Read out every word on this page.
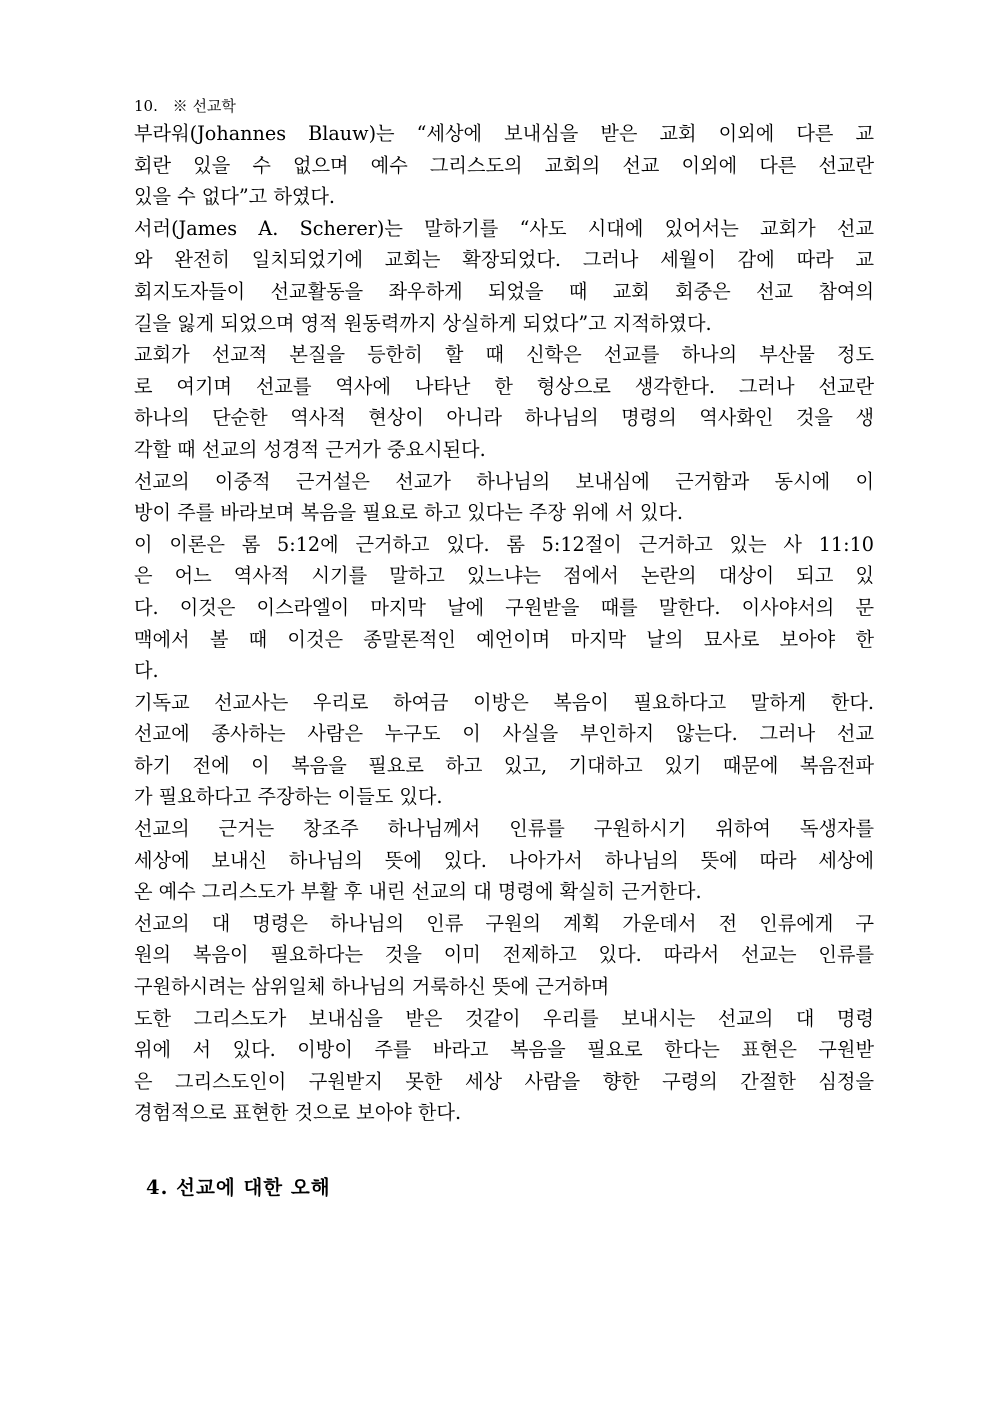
10. ※ 선교학
부라워(Johannes Blauw)는 “세상에 보내심을 받은 교회 이외에 다른 교
회란 있을 수 없으며 예수 그리스도의 교회의 선교 이외에 다른 선교란
있을 수 없다”고 하였다.
서러(James A. Scherer)는 말하기를 “사도 시대에 있어서는 교회가 선교
와 완전히 일치되었기에 교회는 확장되었다. 그러나 세월이 감에 따라 교
회지도자들이 선교활동을 좌우하게 되었을 때 교회 회중은 선교 참여의
길을 잃게 되었으며 영적 원동력까지 상실하게 되었다”고 지적하였다.
교회가 선교적 본질을 등한히 할 때 신학은 선교를 하나의 부산물 정도
로 여기며 선교를 역사에 나타난 한 형상으로 생각한다. 그러나 선교란
하나의 단순한 역사적 현상이 아니라 하나님의 명령의 역사화인 것을 생
각할 때 선교의 성경적 근거가 중요시된다.
선교의 이중적 근거설은 선교가 하나님의 보내심에 근거함과 동시에 이
방이 주를 바라보며 복음을 필요로 하고 있다는 주장 위에 서 있다.
이 이론은 롬 5:12에 근거하고 있다. 롬 5:12절이 근거하고 있는 사 11:10
은 어느 역사적 시기를 말하고 있느냐는 점에서 논란의 대상이 되고 있
다. 이것은 이스라엘이 마지막 날에 구원받을 때를 말한다. 이사야서의 문
맥에서 볼 때 이것은 종말론적인 예언이며 마지막 날의 묘사로 보아야 한
다.
기독교 선교사는 우리로 하여금 이방은 복음이 필요하다고 말하게 한다.
선교에 종사하는 사람은 누구도 이 사실을 부인하지 않는다. 그러나 선교
하기 전에 이 복음을 필요로 하고 있고, 기대하고 있기 때문에 복음전파
가 필요하다고 주장하는 이들도 있다.
선교의 근거는 창조주 하나님께서 인류를 구원하시기 위하여 독생자를
세상에 보내신 하나님의 뜻에 있다. 나아가서 하나님의 뜻에 따라 세상에
온 예수 그리스도가 부활 후 내린 선교의 대 명령에 확실히 근거한다.
선교의 대 명령은 하나님의 인류 구원의 계획 가운데서 전 인류에게 구
원의 복음이 필요하다는 것을 이미 전제하고 있다. 따라서 선교는 인류를
구원하시려는 삼위일체 하나님의 거룩하신 뜻에 근거하며
도한 그리스도가 보내심을 받은 것같이 우리를 보내시는 선교의 대 명령
위에 서 있다. 이방이 주를 바라고 복음을 필요로 한다는 표현은 구원받
은 그리스도인이 구원받지 못한 세상 사람을 향한 구령의 간절한 심정을
경험적으로 표현한 것으로 보아야 한다.
4. 선교에 대한 오해
